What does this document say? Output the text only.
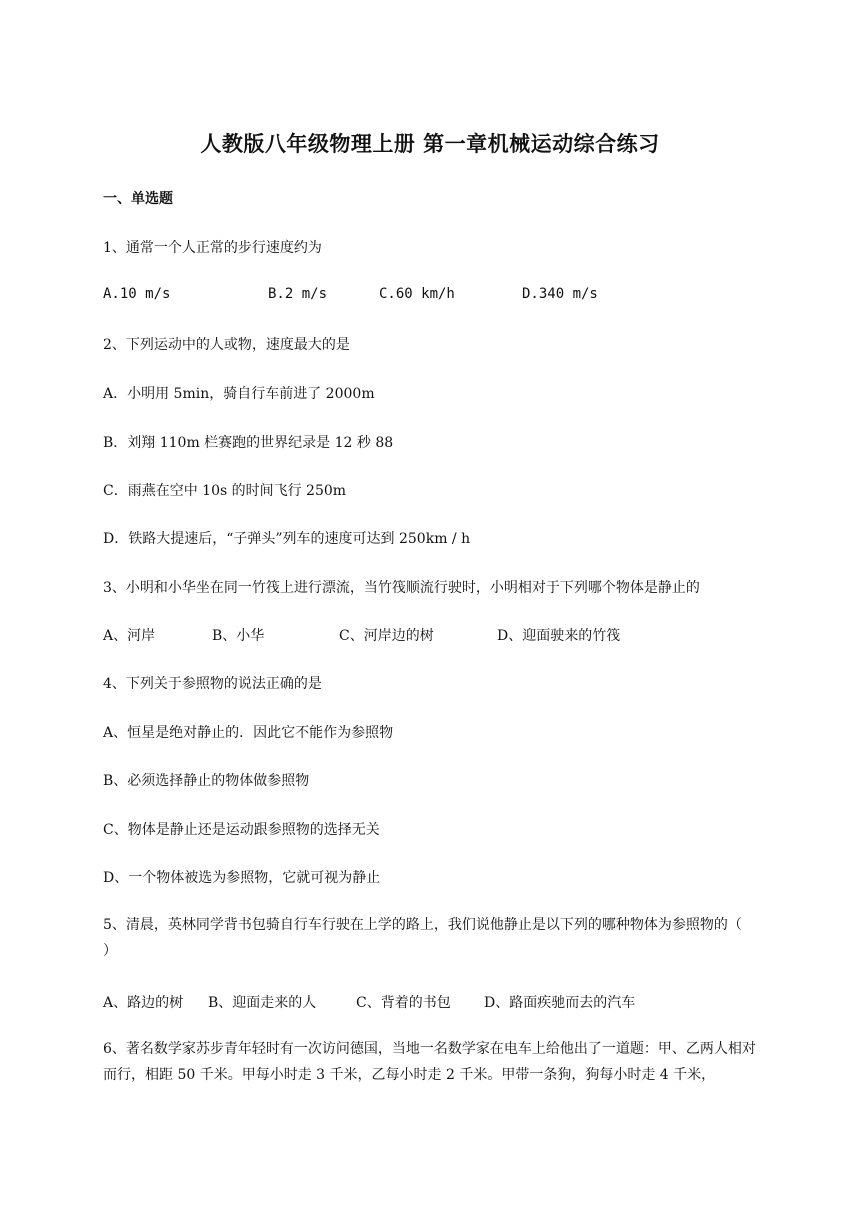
人教版八年级物理上册 第一章机械运动综合练习
一、单选题
1、通常一个人正常的步行速度约为
A.10 m/s	B.2 m/s	C.60 km/h	D.340 m/s
2、下列运动中的人或物，速度最大的是
A．小明用 5min，骑自行车前进了 2000m
B．刘翔 110m 栏赛跑的世界纪录是 12 秒 88
C．雨燕在空中 10s 的时间飞行 250m
D．铁路大提速后，“子弹头”列车的速度可达到 250km / h
3、小明和小华坐在同一竹筏上进行漂流，当竹筏顺流行驶时，小明相对于下列哪个物体是静止的
A、河岸	B、小华	C、河岸边的树	D、迎面驶来的竹筏
4、下列关于参照物的说法正确的是
A、恒星是绝对静止的．因此它不能作为参照物
B、必须选择静止的物体做参照物
C、物体是静止还是运动跟参照物的选择无关
D、一个物体被选为参照物，它就可视为静止
5、清晨，英林同学背书包骑自行车行驶在上学的路上，我们说他静止是以下列的哪种物体为参照物的（　　　　）
A、路边的树 B、迎面走来的人	C、背着的书包 D、路面疾驰而去的汽车
6、著名数学家苏步青年轻时有一次访问德国，当地一名数学家在电车上给他出了一道题：甲、乙两人相对而行，相距 50 千米。甲每小时走 3 千米，乙每小时走 2 千米。甲带一条狗，狗每小时走 4 千米，
